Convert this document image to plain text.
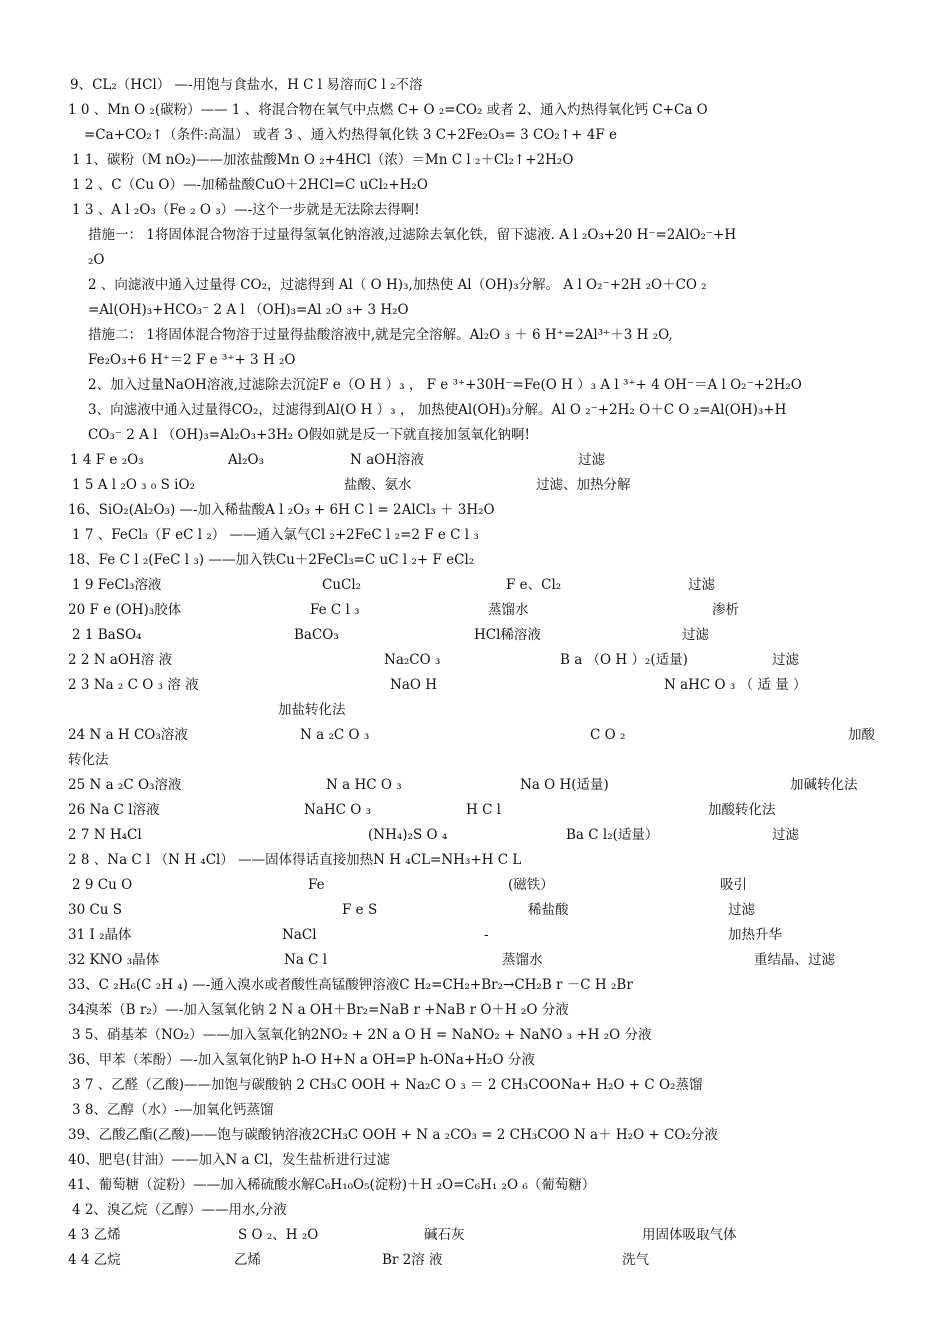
9、CL₂（HCl） —-用饱与食盐水，H C l 易溶而C l ₂不溶
1 0 、Mn O ₂(碳粉）—— 1 、将混合物在氧气中点燃 C+ O ₂=CO₂ 或者 2、通入灼热得氧化钙 C+Ca O
=Ca+CO₂↑（条件:高温） 或者 3 、通入灼热得氧化铁 3 C+2Fe₂O₃= 3 CO₂↑+ 4F e
1 1、碳粉（M nO₂)——加浓盐酸Mn O ₂+4HCl（浓）＝Mn C l ₂＋Cl₂↑+2H₂O
1 2 、C（Cu O）—-加稀盐酸CuO＋2HCl=C uCl₂+H₂O
1 3 、A l ₂O₃（Fe ₂ O ₃）—-这个一步就是无法除去得啊!
措施一： 1将固体混合物溶于过量得氢氧化钠溶液,过滤除去氧化铁，留下滤液. A l ₂O₃+20 H⁻=2AlO₂⁻+H
₂O
2 、向滤液中通入过量得 CO₂，过滤得到 Al（ O H)₃,加热使 Al（OH)₃分解。 A l O₂⁻+2H ₂O＋CO ₂
=Al(OH)₃+HCO₃⁻ 2 A l （OH)₃=Al ₂O ₃+ 3 H₂O
措施二： 1将固体混合物溶于过量得盐酸溶液中,就是完全溶解。Al₂O ₃ ＋ 6 H⁺=2Al³⁺＋3 H ₂O,
Fe₂O₃+6 H⁺＝2 F e ³⁺+ 3 H ₂O
2、加入过量NaOH溶液,过滤除去沉淀F e（O H ）₃ ， F e ³⁺+30H⁻=Fe(O H ）₃ A l ³⁺+ 4 OH⁻＝A l O₂⁻+2H₂O
3、向滤液中通入过量得CO₂，过滤得到Al(O H ）₃ ， 加热使Al(OH)₃分解。Al O ₂⁻+2H₂ O＋C O ₂=Al(OH)₃+H
CO₃⁻ 2 A l （OH)₃=Al₂O₃+3H₂ O假如就是反一下就直接加氢氧化钠啊!
1 4 F e ₂O₃	Al₂O₃	N aOH溶液	过滤
1 5 A l ₂O ₃ ₀ S iO₂	盐酸、氨水	过滤、加热分解
16、SiO₂(Al₂O₃) —-加入稀盐酸A l ₂O₃ + 6H C l = 2AlCl₃ ＋ 3H₂O
1 7 、FeCl₃（F eC l ₂） ——通入氯气Cl ₂+2FeC l ₂=2 F e C l ₃
18、Fe C l ₂(FeC l ₃) ——加入铁Cu＋2FeCl₃=C uC l ₂+ F eCl₂
1 9 FeCl₃溶液	CuCl₂	F e、Cl₂	过滤
20 F e (OH)₃胶体	Fe C l ₃	蒸馏水	渗析
2 1 BaSO₄	BaCO₃	HCl稀溶液	过滤
2 2 N aOH溶 液	Na₂CO ₃	B a （O H ）₂(适量)	过滤
2 3 Na ₂ C O ₃ 溶 液	NaO H	N aHC O ₃ （ 适 量 ）
加盐转化法
24 N a H CO₃溶液	N a ₂C O ₃	C O ₂	加酸
转化法
25 N a ₂C O₃溶液	N a HC O ₃	Na O H(适量)	加碱转化法
26 Na C l溶液	NaHC O ₃	H C l	加酸转化法
2 7 N H₄Cl	(NH₄)₂S O ₄	Ba C l₂(适量）	过滤
2 8 、Na C l （N H ₄Cl） ——固体得话直接加热N H ₄CL=NH₃+H C L
2 9 Cu O	Fe	(磁铁）	吸引
30 Cu S	F e S	稀盐酸	过滤
31 I ₂晶体	NaCl	-	加热升华
32 KNO ₃晶体	Na C l	蒸馏水	重结晶、过滤
33、C ₂H₆(C ₂H ₄) —-通入溴水或者酸性高锰酸钾溶液C H₂=CH₂+Br₂→CH₂B r －C H ₂Br
34溴苯（B r₂）—-加入氢氧化钠 2 N a OH＋Br₂=NaB r +NaB r O＋H ₂O 分液
3 5、硝基苯（NO₂）——加入氢氧化钠2NO₂ + 2N a O H = NaNO₂ + NaNO ₃ +H ₂O 分液
36、甲苯（苯酚）—-加入氢氧化钠P h-O H+N a OH=P h-ONa+H₂O 分液
3 7 、乙醛（乙酸)——加饱与碳酸钠 2 CH₃C OOH + Na₂C O ₃ ＝ 2 CH₃COONa+ H₂O + C O₂蒸馏
3 8、乙醇（水）-—加氧化钙蒸馏
39、乙酸乙酯(乙酸)——饱与碳酸钠溶液2CH₃C OOH + N a ₂CO₃ = 2 CH₃COO N a＋ H₂O + CO₂分液
40、肥皂(甘油）——加入N a Cl，发生盐析进行过滤
41、葡萄糖（淀粉）——加入稀硫酸水解C₆H₁₀O₅(淀粉)＋H ₂O=C₆H₁ ₂O ₆（葡萄糖）
4 2、溴乙烷（乙醇）——用水,分液
4 3 乙烯	S O ₂、H ₂O	碱石灰	用固体吸取气体
4 4 乙烷	乙烯	Br 2溶 液	洗气
